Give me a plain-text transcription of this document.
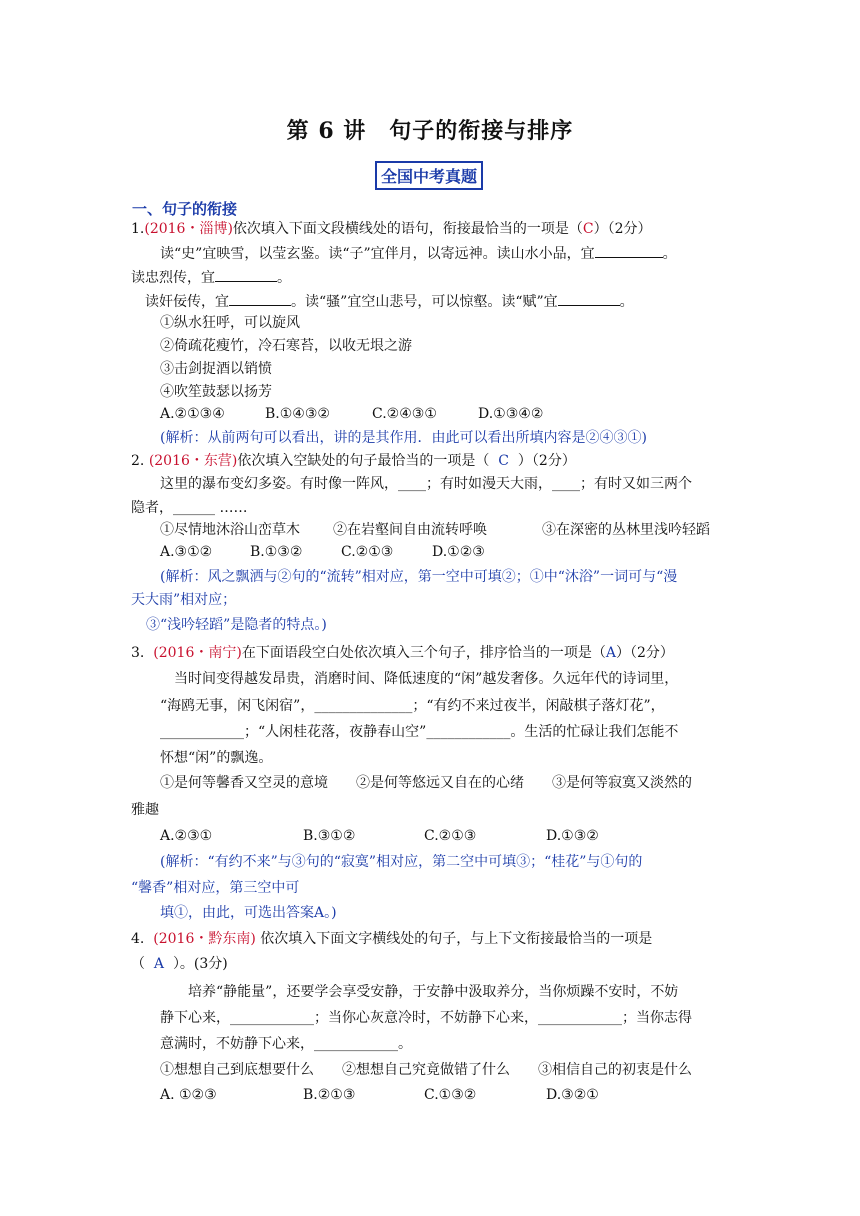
第 6 讲　句子的衔接与排序
全国中考真题
一、句子的衔接
1.(2016・淄博)依次填入下面文段横线处的语句，衔接最恰当的一项是（C）（2分）
读“史”宜映雪，以莹玄鉴。读“子”宜伴月，以寄远神。读山水小品，宜	。
读忠烈传，宜	。
读奸佞传，宜	。读“骚”宜空山悲号，可以惊壑。读“赋”宜	。
①纵水狂呼，可以旋风
②倚疏花瘦竹，冷石寒苔，以收无垠之游
③击剑捉酒以销愤
④吹笙鼓瑟以扬芳
A.②①③④	B.①④③②	C.②④③①	D.①③④②
(解析：从前两句可以看出，讲的是其作用．由此可以看出所填内容是②④③①)
2. (2016・东营)依次填入空缺处的句子最恰当的一项是（ C ）（2分）
这里的瀑布变幻多姿。有时像一阵风，____；有时如漫天大雨，____；有时又如三两个
隐者，______ ……
①尽情地沐浴山峦草木 ②在岩壑间自由流转呼唤	③在深密的丛林里浅吟轻蹈
A.③①②	B.①③②	C.②①③	D.①②③
(解析：风之飘洒与②句的“流转”相对应，第一空中可填②；①中“沐浴”一词可与“漫
天大雨”相对应；
③“浅吟轻蹈”是隐者的特点。)
3. (2016・南宁)在下面语段空白处依次填入三个句子，排序恰当的一项是（A）（2分）
当时间变得越发昂贵，消磨时间、降低速度的“闲”越发奢侈。久远年代的诗词里，
“海鸥无事，闲飞闲宿”，______________；“有约不来过夜半，闲敲棋子落灯花”，
____________；“人闲桂花落，夜静春山空”____________。生活的忙碌让我们怎能不
怀想“闲”的飘逸。
①是何等馨香又空灵的意境　　②是何等悠远又自在的心绪　　③是何等寂寞又淡然的
雅趣
A.②③①	B.③①②	C.②①③	D.①③②
(解析：“有约不来”与③句的“寂寞”相对应，第二空中可填③；“桂花”与①句的
“馨香”相对应，第三空中可
填①，由此，可选出答案A。)
4. (2016・黔东南) 依次填入下面文字横线处的句子，与上下文衔接最恰当的一项是
（ A ）。(3分)
培养“静能量”，还要学会享受安静，于安静中汲取养分，当你烦躁不安时，不妨
静下心来，____________；当你心灰意冷时，不妨静下心来，____________；当你志得
意满时，不妨静下心来，____________。
①想想自己到底想要什么　　②想想自己究竟做错了什么　　③相信自己的初衷是什么
A. ①②③	B.②①③	C.①③②	D.③②①
